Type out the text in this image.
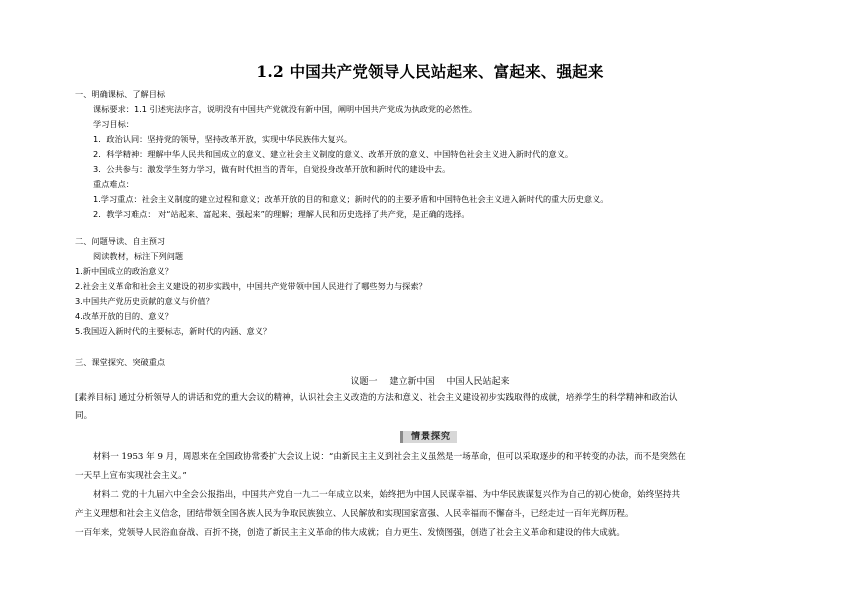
1.2 中国共产党领导人民站起来、富起来、强起来
一、明确课标、了解目标
课标要求：1.1 引述宪法序言，说明没有中国共产党就没有新中国，阐明中国共产党成为执政党的必然性。
学习目标：
1．政治认同：坚持党的领导，坚持改革开放，实现中华民族伟大复兴。
2．科学精神：理解中华人民共和国成立的意义、建立社会主义制度的意义、改革开放的意义、中国特色社会主义进入新时代的意义。
3．公共参与：激发学生努力学习，做有时代担当的青年，自觉投身改革开放和新时代的建设中去。
重点难点：
1.学习重点：社会主义制度的建立过程和意义；改革开放的目的和意义；新时代的的主要矛盾和中国特色社会主义进入新时代的重大历史意义。
2．教学习难点： 对“站起来、富起来、强起来”的理解；理解人民和历史选择了共产党，是正确的选择。
二、问题导读、自主预习
阅读教材，标注下列问题
1.新中国成立的政治意义？
2.社会主义革命和社会主义建设的初步实践中，中国共产党带领中国人民进行了哪些努力与探索？
3.中国共产党历史贡献的意义与价值？
4.改革开放的目的、意义？
5.我国迈入新时代的主要标志，新时代的内涵、意义？
三、课堂探究、突破重点
议题一 建立新中国 中国人民站起来
[素养目标] 通过分析领导人的讲话和党的重大会议的精神，认识社会主义改造的方法和意义、社会主义建设初步实践取得的成就，培养学生的科学精神和政治认
同。
情景探究
材料一 1953 年 9 月，周恩来在全国政协常委扩大会议上说：“由新民主主义到社会主义虽然是一场革命，但可以采取逐步的和平转变的办法，而不是突然在
一天早上宣布实现社会主义。”
材料二 党的十九届六中全会公报指出，中国共产党自一九二一年成立以来，始终把为中国人民谋幸福、为中华民族谋复兴作为自己的初心使命，始终坚持共
产主义理想和社会主义信念，团结带领全国各族人民为争取民族独立、人民解放和实现国家富强、人民幸福而不懈奋斗，已经走过一百年光辉历程。
一百年来，党领导人民浴血奋战、百折不挠，创造了新民主主义革命的伟大成就；自力更生、发愤图强，创造了社会主义革命和建设的伟大成就。
